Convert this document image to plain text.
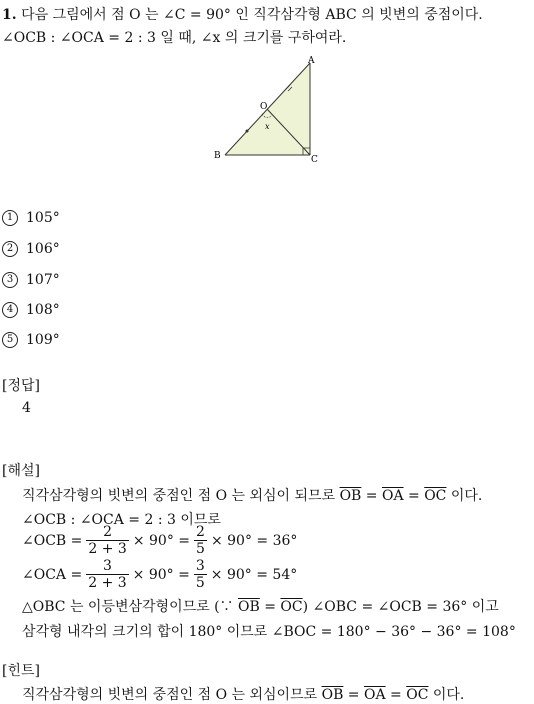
1. 다음 그림에서 점 O 는 ∠C = 90° 인 직각삼각형 ABC 의 빗변의 중점이다.
∠OCB : ∠OCA = 2 : 3 일 때, ∠x 의 크기를 구하여라.
A
B	C
O
x
1 105°
2 106°
3 107°
4 108°
5 109°
[정답]
4
[해설]
직각삼각형의 빗변의 중점인 점 O 는 외심이 되므로 $\overline{OB} = \overline{OA} = \overline{OC}$ 이다.
∠OCB : ∠OCA = 2 : 3 이므로
∠OCB = $\frac{2}{2 + 3} \times 90^\circ = \frac{2}{5} \times 90^\circ = 36^\circ$
∠OCA = $\frac{3}{2 + 3} \times 90^\circ = \frac{3}{5} \times 90^\circ = 54^\circ$
△OBC 는 이등변삼각형이므로 (∵ $\overline{OB} = \overline{OC}$) ∠OBC = ∠OCB = 36° 이고
삼각형 내각의 크기의 합이 180° 이므로 ∠BOC = 180° − 36° − 36° = 108°
[힌트]
직각삼각형의 빗변의 중점인 점 O 는 외심이므로 $\overline{OB} = \overline{OA} = \overline{OC}$ 이다.
